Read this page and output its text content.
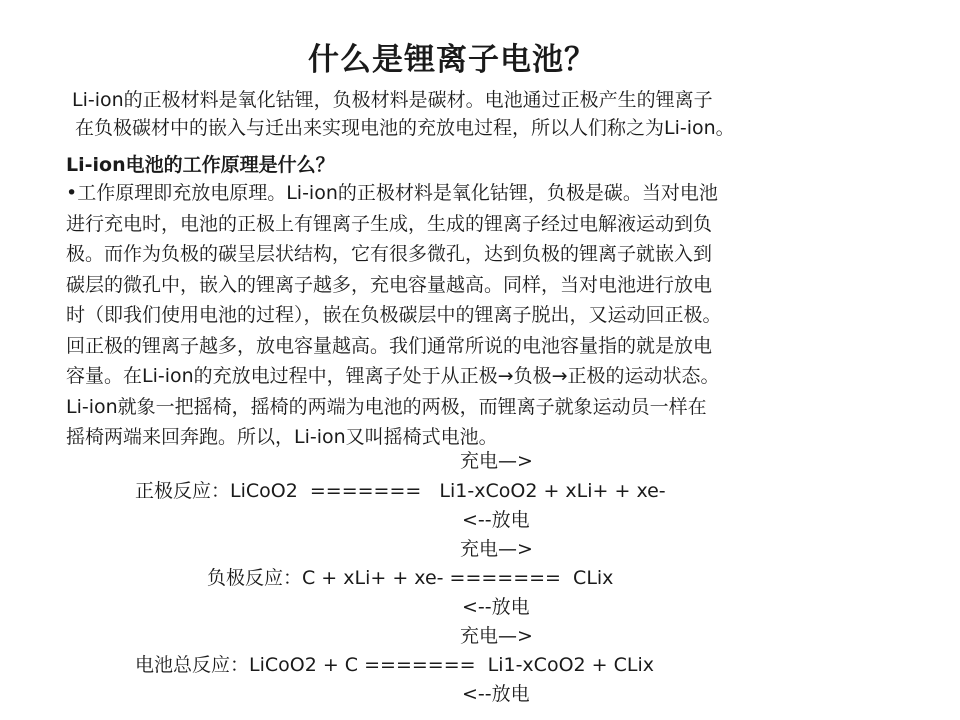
什么是锂离子电池？
Li-ion的正极材料是氧化钴锂，负极材料是碳材。电池通过正极产生的锂离子
在负极碳材中的嵌入与迁出来实现电池的充放电过程，所以人们称之为Li-ion。
Li-ion电池的工作原理是什么？
•工作原理即充放电原理。Li-ion的正极材料是氧化钴锂，负极是碳。当对电池
进行充电时，电池的正极上有锂离子生成，生成的锂离子经过电解液运动到负
极。而作为负极的碳呈层状结构，它有很多微孔，达到负极的锂离子就嵌入到
碳层的微孔中，嵌入的锂离子越多，充电容量越高。同样，当对电池进行放电
时（即我们使用电池的过程），嵌在负极碳层中的锂离子脱出，又运动回正极。
回正极的锂离子越多，放电容量越高。我们通常所说的电池容量指的就是放电
容量。在Li-ion的充放电过程中，锂离子处于从正极→负极→正极的运动状态。
Li-ion就象一把摇椅，摇椅的两端为电池的两极，而锂离子就象运动员一样在
摇椅两端来回奔跑。所以，Li-ion又叫摇椅式电池。
充电—>
正极反应：LiCoO2  =======   Li1-xCoO2 + xLi+ + xe-
<--放电
充电—>
负极反应：C + xLi+ + xe- =======  CLix
<--放电
充电—>
电池总反应：LiCoO2 + C =======  Li1-xCoO2 + CLix
<--放电
